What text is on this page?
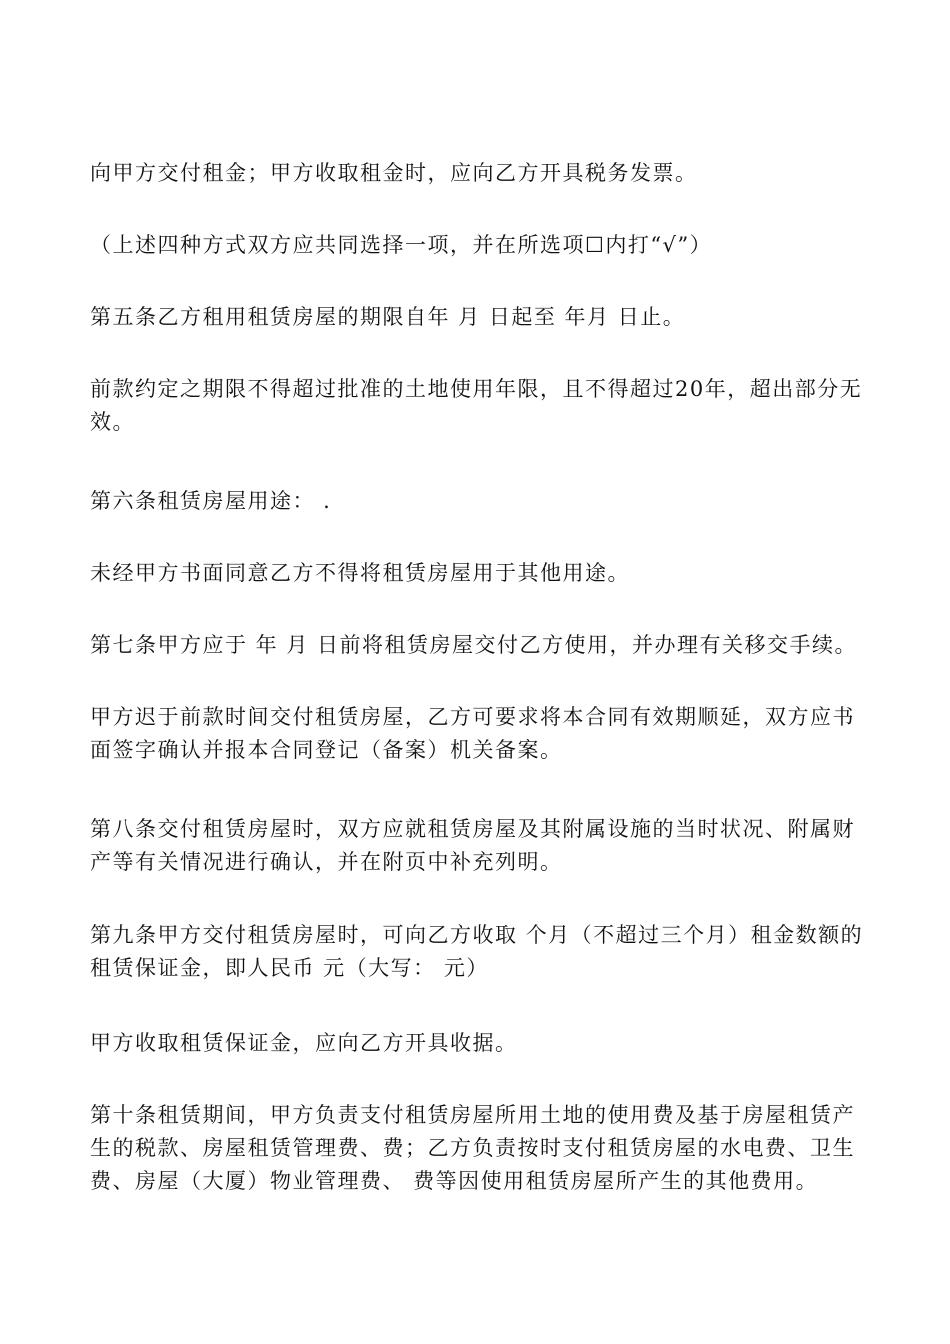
向甲方交付租金；甲方收取租金时，应向乙方开具税务发票。

（上述四种方式双方应共同选择一项，并在所选项☐内打“√”）

第五条乙方租用租赁房屋的期限自年 月 日起至 年月 日止。

前款约定之期限不得超过批准的土地使用年限，且不得超过20年，超出部分无
效。

第六条租赁房屋用途： .

未经甲方书面同意乙方不得将租赁房屋用于其他用途。

第七条甲方应于 年 月 日前将租赁房屋交付乙方使用，并办理有关移交手续。

甲方迟于前款时间交付租赁房屋，乙方可要求将本合同有效期顺延，双方应书
面签字确认并报本合同登记（备案）机关备案。

第八条交付租赁房屋时，双方应就租赁房屋及其附属设施的当时状况、附属财
产等有关情况进行确认，并在附页中补充列明。

第九条甲方交付租赁房屋时，可向乙方收取 个月（不超过三个月）租金数额的
租赁保证金，即人民币 元（大写： 元）

甲方收取租赁保证金，应向乙方开具收据。

第十条租赁期间，甲方负责支付租赁房屋所用土地的使用费及基于房屋租赁产
生的税款、房屋租赁管理费、费；乙方负责按时支付租赁房屋的水电费、卫生
费、房屋（大厦）物业管理费、 费等因使用租赁房屋所产生的其他费用。
